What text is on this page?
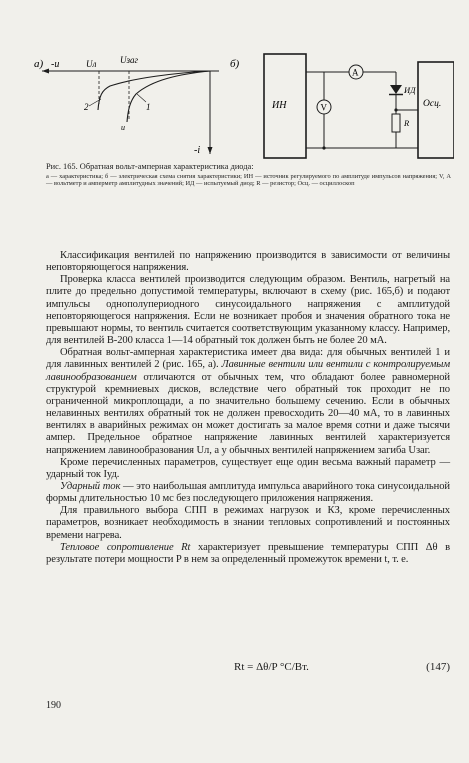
а) -u	Uл	Uзаг
-i
2	1
u
б)
ИН	Осц.
A
V
ИД
R

Рис. 165. Обратная вольт-амперная характеристика диода:

а — характеристика; б — электрическая схема снятия характеристики; ИН — источник регулируемого по амплитуде импульсов напряжения; V, А — вольтметр и амперметр амплитудных значений; ИД — испытуемый диод; R — резистор; Осц. — осциллоскоп

Классификация вентилей по напряжению производится в зависимости от величины неповторяющегося напряжения.

Проверка класса вентилей производится следующим образом. Вентиль, нагретый на плите до предельно допустимой температуры, включают в схему (рис. 165,б) и подают импульсы однополупериодного синусоидального напряжения с амплитудой неповторяющегося напряжения. Если не возникает пробоя и значения обратного тока не превышают нормы, то вентиль считается соответствующим указанному классу. Например, для вентилей В-200 класса 1—14 обратный ток должен быть не более 20 мА.

Обратная вольт-амперная характеристика имеет два вида: для обычных вентилей 1 и для лавинных вентилей 2 (рис. 165, а). Лавинные вентили или вентили с контролируемым лавинообразованием отличаются от обычных тем, что обладают более равномерной структурой кремниевых дисков, вследствие чего обратный ток проходит не по ограниченной микроплощади, а по значительно большему сечению. Если в обычных нелавинных вентилях обратный ток не должен превосходить 20—40 мА, то в лавинных вентилях в аварийных режимах он может достигать за малое время сотни и даже тысячи ампер. Предельное обратное напряжение лавинных вентилей характеризуется напряжением лавинообразования Uл, а у обычных вентилей напряжением загиба Uзаг.

Кроме перечисленных параметров, существует еще один весьма важный параметр — ударный ток Iуд.

Ударный ток — это наибольшая амплитуда импульса аварийного тока синусоидальной формы длительностью 10 мс без последующего приложения напряжения.

Для правильного выбора СПП в режимах нагрузок и КЗ, кроме перечисленных параметров, возникает необходимость в знании тепловых сопротивлений и постоянных времени нагрева.

Тепловое сопротивление Rt характеризует превышение температуры СПП Δθ в результате потери мощности P в нем за определенный промежуток времени t, т. е.

Rt = Δθ/P °C/Вт.	(147)
190
